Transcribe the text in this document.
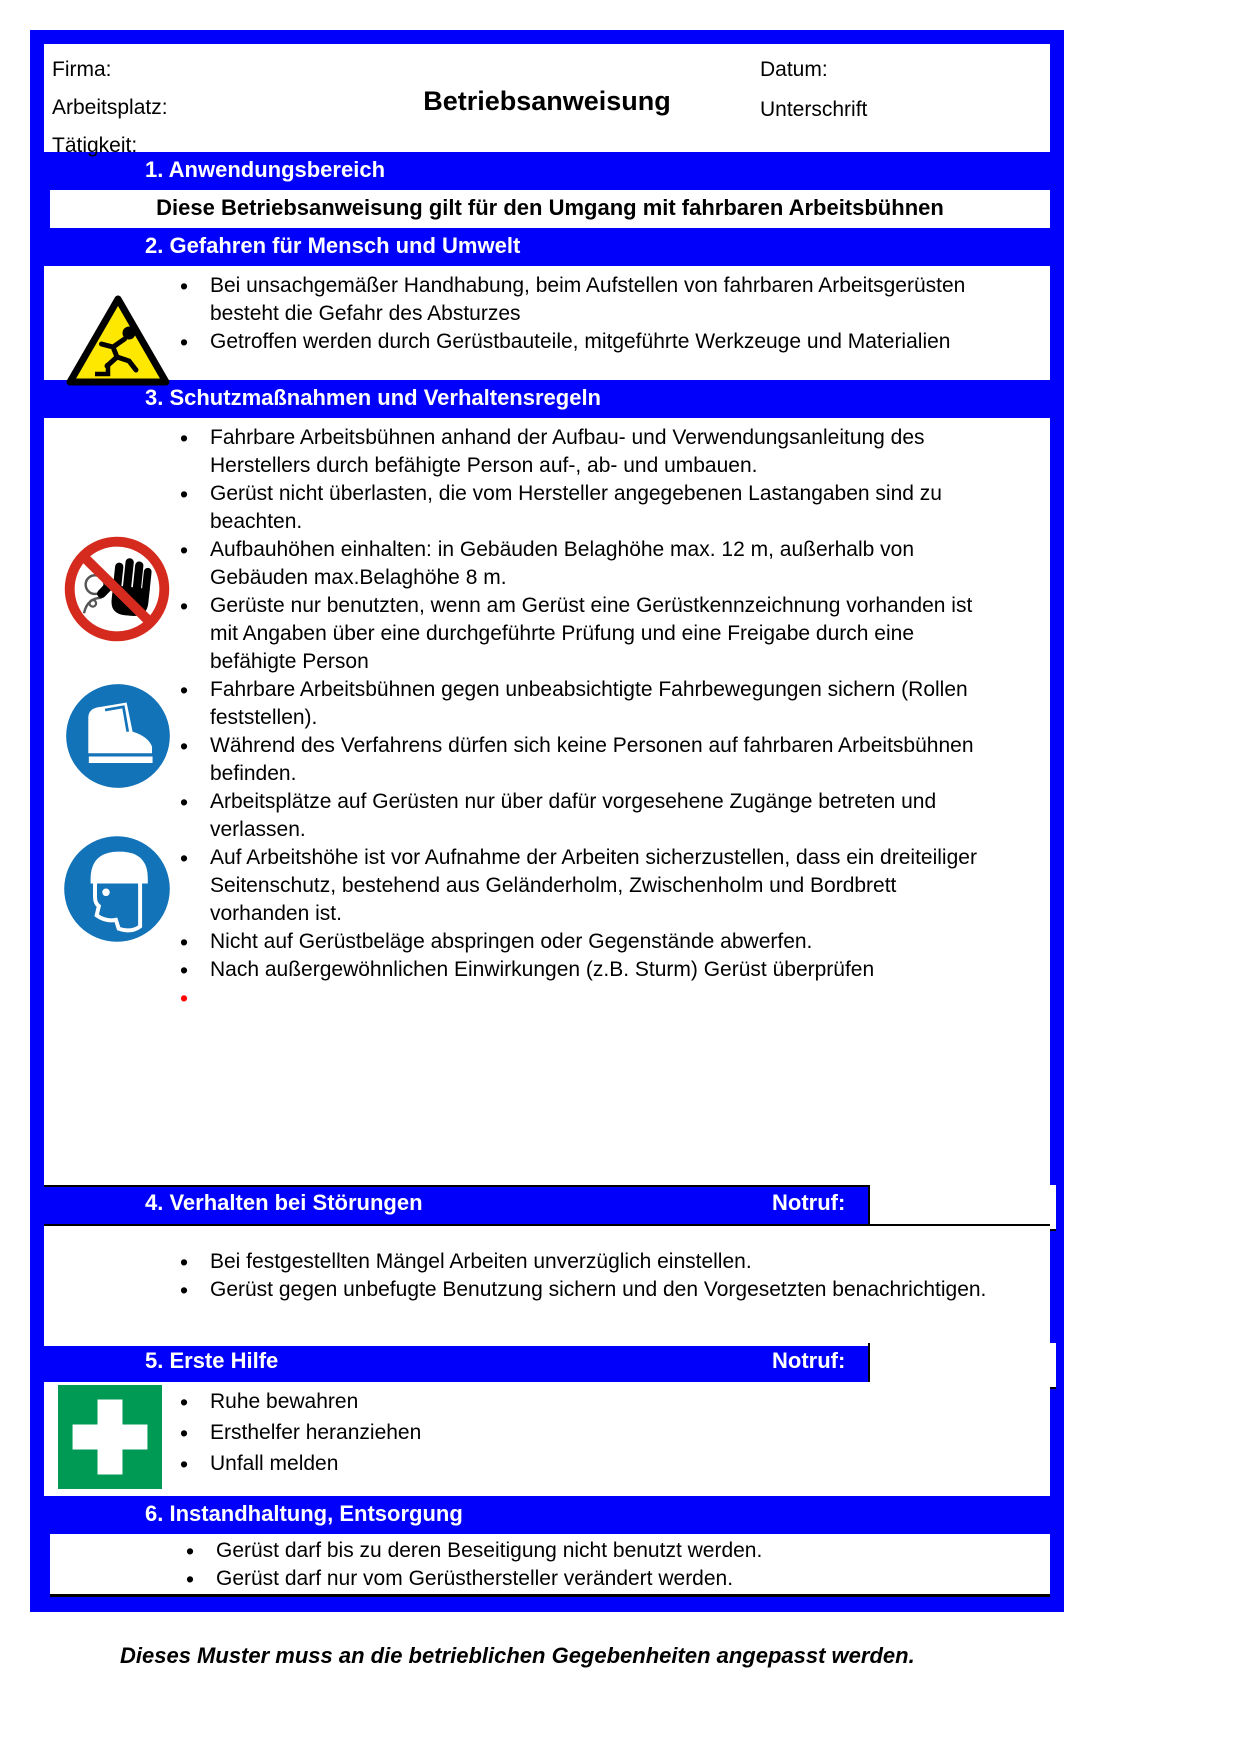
Firma:
Arbeitsplatz:
Tätigkeit:
Betriebsanweisung
Datum:
Unterschrift
1. Anwendungsbereich
Diese Betriebsanweisung gilt für den Umgang mit fahrbaren Arbeitsbühnen
2. Gefahren für Mensch und Umwelt
• Bei unsachgemäßer Handhabung, beim Aufstellen von fahrbaren Arbeitsgerüsten besteht die Gefahr des Absturzes
• Getroffen werden durch Gerüstbauteile, mitgeführte Werkzeuge und Materialien
3. Schutzmaßnahmen und Verhaltensregeln
• Fahrbare Arbeitsbühnen anhand der Aufbau- und Verwendungsanleitung des Herstellers durch befähigte Person auf-, ab- und umbauen.
• Gerüst nicht überlasten, die vom Hersteller angegebenen Lastangaben sind zu beachten.
• Aufbauhöhen einhalten: in Gebäuden Belaghöhe max. 12 m, außerhalb von Gebäuden max.Belaghöhe 8 m.
• Gerüste nur benutzten, wenn am Gerüst eine Gerüstkennzeichnung vorhanden ist mit Angaben über eine durchgeführte Prüfung und eine Freigabe durch eine befähigte Person
• Fahrbare Arbeitsbühnen gegen unbeabsichtigte Fahrbewegungen sichern (Rollen feststellen).
• Während des Verfahrens dürfen sich keine Personen auf fahrbaren Arbeitsbühnen befinden.
• Arbeitsplätze auf Gerüsten nur über dafür vorgesehene Zugänge betreten und verlassen.
• Auf Arbeitshöhe ist vor Aufnahme der Arbeiten sicherzustellen, dass ein dreiteiliger Seitenschutz, bestehend aus Geländerholm, Zwischenholm und Bordbrett vorhanden ist.
• Nicht auf Gerüstbeläge abspringen oder Gegenstände abwerfen.
• Nach außergewöhnlichen Einwirkungen (z.B. Sturm) Gerüst überprüfen
•
4. Verhalten bei Störungen	Notruf:
• Bei festgestellten Mängel Arbeiten unverzüglich einstellen.
• Gerüst gegen unbefugte Benutzung sichern und den Vorgesetzten benachrichtigen.
5. Erste Hilfe	Notruf:
• Ruhe bewahren
• Ersthelfer heranziehen
• Unfall melden
6. Instandhaltung, Entsorgung
• Gerüst darf bis zu deren Beseitigung nicht benutzt werden.
• Gerüst darf nur vom Gerüsthersteller verändert werden.
Dieses Muster muss an die betrieblichen Gegebenheiten angepasst werden.
